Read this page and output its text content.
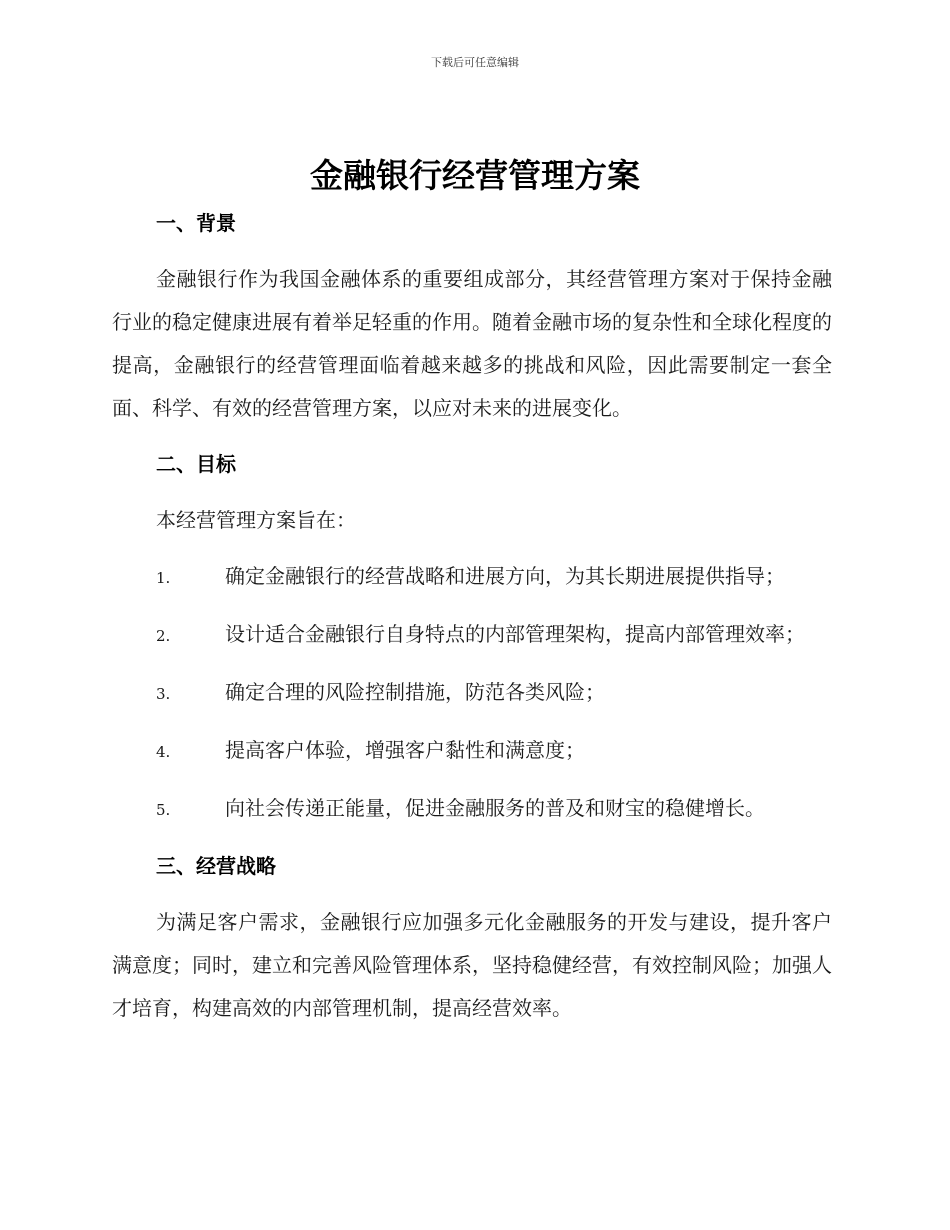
下载后可任意编辑
金融银行经营管理方案
一、背景

金融银行作为我国金融体系的重要组成部分，其经营管理方案对于保持金融行业的稳定健康进展有着举足轻重的作用。随着金融市场的复杂性和全球化程度的提高，金融银行的经营管理面临着越来越多的挑战和风险，因此需要制定一套全面、科学、有效的经营管理方案，以应对未来的进展变化。

二、目标

本经营管理方案旨在：

1.	确定金融银行的经营战略和进展方向，为其长期进展提供指导；
2.	设计适合金融银行自身特点的内部管理架构，提高内部管理效率；
3.	确定合理的风险控制措施，防范各类风险；
4.	提高客户体验，增强客户黏性和满意度；
5.	向社会传递正能量，促进金融服务的普及和财宝的稳健增长。
三、经营战略

为满足客户需求，金融银行应加强多元化金融服务的开发与建设，提升客户满意度；同时，建立和完善风险管理体系，坚持稳健经营，有效控制风险；加强人才培育，构建高效的内部管理机制，提高经营效率。
